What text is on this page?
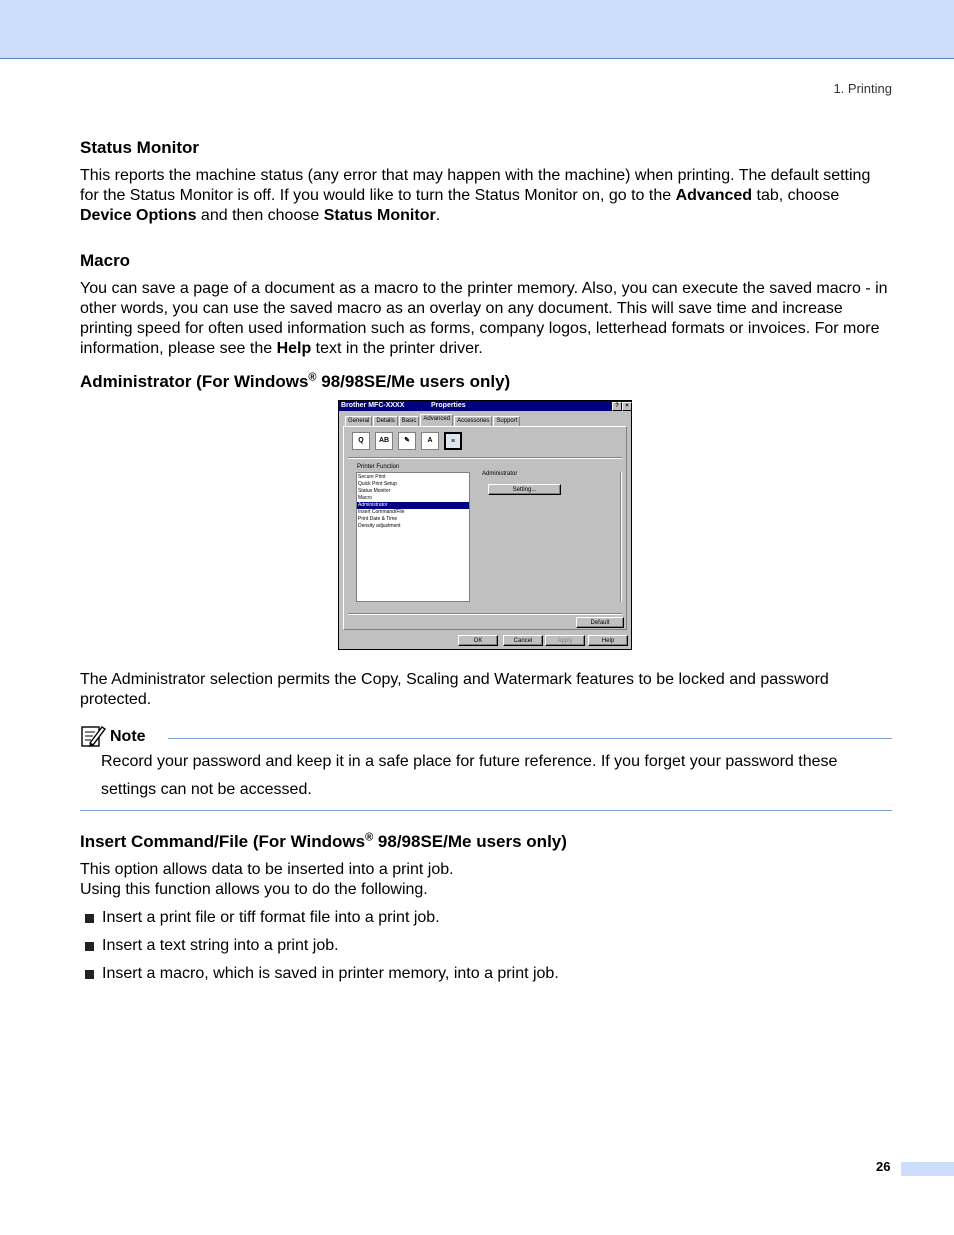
1. Printing
Status Monitor

This reports the machine status (any error that may happen with the machine) when printing. The default setting for the Status Monitor is off. If you would like to turn the Status Monitor on, go to the Advanced tab, choose Device Options and then choose Status Monitor.

Macro

You can save a page of a document as a macro to the printer memory. Also, you can execute the saved macro - in other words, you can use the saved macro as an overlay on any document. This will save time and increase printing speed for often used information such as forms, company logos, letterhead formats or invoices. For more information, please see the Help text in the printer driver.

Administrator (For Windows® 98/98SE/Me users only)
Brother MFC-XXXX	Properties	?	×
General	Details	Basic	Advanced	Accessories	Support
Q	AB	✎	A	≡
Printer Function
Secure Print
Quick Print Setup
Status Monitor
Macro
Administrator
Insert Command/File
Print Date & Time
Density adjustment
Administrator
Setting...
Default
OK	Cancel	Apply	Help

The Administrator selection permits the Copy, Scaling and Watermark features to be locked and password protected.

Note
Record your password and keep it in a safe place for future reference. If you forget your password these settings can not be accessed.
Insert Command/File (For Windows® 98/98SE/Me users only)

This option allows data to be inserted into a print job.

Using this function allows you to do the following.

Insert a print file or tiff format file into a print job.
Insert a text string into a print job.
Insert a macro, which is saved in printer memory, into a print job.
26
